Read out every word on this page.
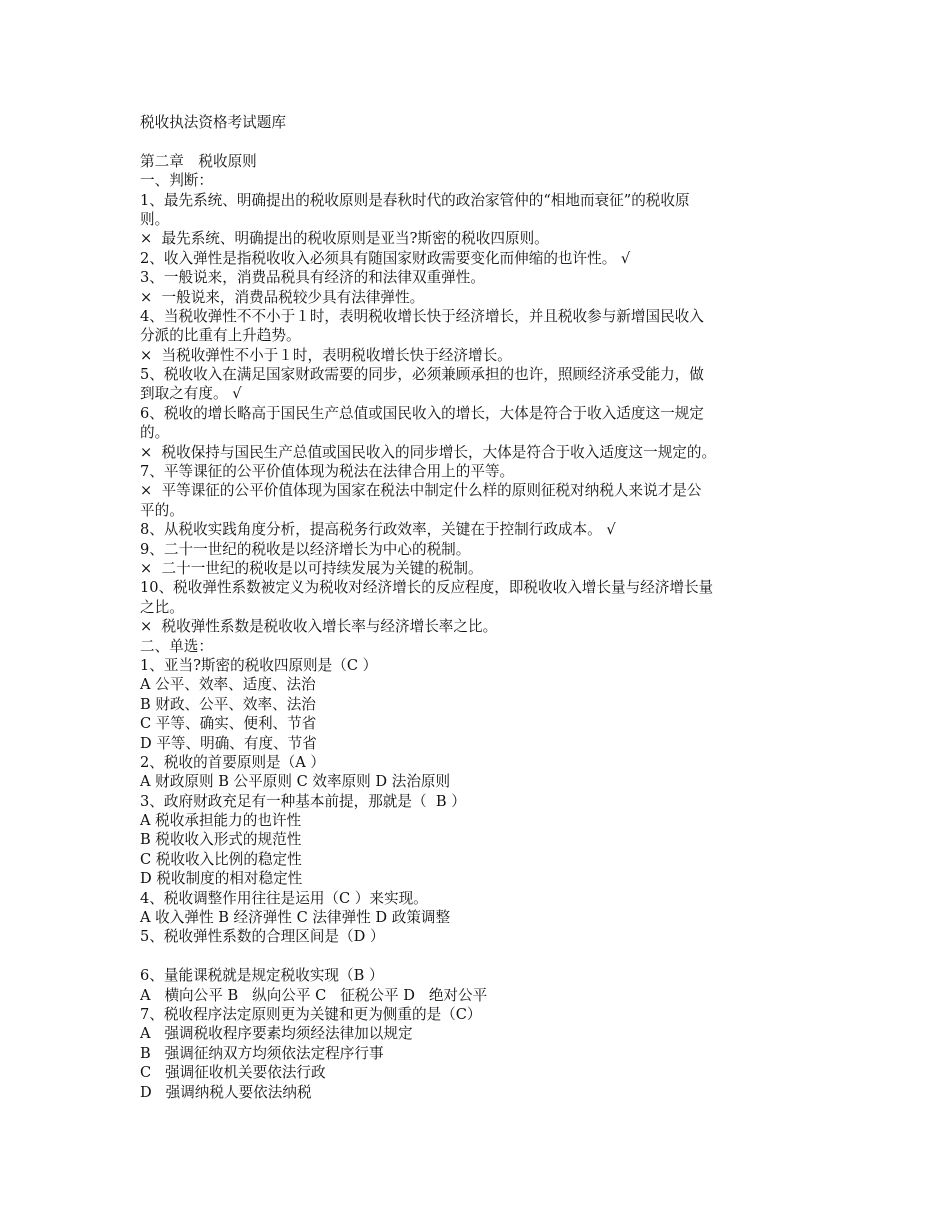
税收执法资格考试题库
第二章　税收原则
一、判断：
1、最先系统、明确提出的税收原则是春秋时代的政治家管仲的“相地而衰征”的税收原
则。
×  最先系统、明确提出的税收原则是亚当?斯密的税收四原则。
2、收入弹性是指税收收入必须具有随国家财政需要变化而伸缩的也许性。 √
3、一般说来，消费品税具有经济的和法律双重弹性。
×  一般说来，消费品税较少具有法律弹性。
4、当税收弹性不不小于１时，表明税收增长快于经济增长，并且税收参与新增国民收入
分派的比重有上升趋势。
×  当税收弹性不小于１时，表明税收增长快于经济增长。
5、税收收入在满足国家财政需要的同步，必须兼顾承担的也许，照顾经济承受能力，做
到取之有度。 √
6、税收的增长略高于国民生产总值或国民收入的增长，大体是符合于收入适度这一规定
的。
×  税收保持与国民生产总值或国民收入的同步增长，大体是符合于收入适度这一规定的。
7、平等课征的公平价值体现为税法在法律合用上的平等。
×  平等课征的公平价值体现为国家在税法中制定什么样的原则征税对纳税人来说才是公
平的。
8、从税收实践角度分析，提高税务行政效率，关键在于控制行政成本。 √
9、二十一世纪的税收是以经济增长为中心的税制。
×  二十一世纪的税收是以可持续发展为关键的税制。
10、税收弹性系数被定义为税收对经济增长的反应程度，即税收收入增长量与经济增长量
之比。
×  税收弹性系数是税收收入增长率与经济增长率之比。
二、单选：
1、亚当?斯密的税收四原则是（C ）
A 公平、效率、适度、法治
B 财政、公平、效率、法治
C 平等、确实、便利、节省
D 平等、明确、有度、节省
2、税收的首要原则是（A ）
A 财政原则 B 公平原则 C 效率原则 D 法治原则
3、政府财政充足有一种基本前提，那就是（  B ）
A 税收承担能力的也许性
B 税收收入形式的规范性
C 税收收入比例的稳定性
D 税收制度的相对稳定性
4、税收调整作用往往是运用（C ）来实现。
A 收入弹性 B 经济弹性 C 法律弹性 D 政策调整
5、税收弹性系数的合理区间是（D ）
6、量能课税就是规定税收实现（B ）
A   横向公平 B   纵向公平 C   征税公平 D   绝对公平
7、税收程序法定原则更为关键和更为侧重的是（C）
A   强调税收程序要素均须经法律加以规定
B   强调征纳双方均须依法定程序行事
C   强调征收机关要依法行政
D   强调纳税人要依法纳税
